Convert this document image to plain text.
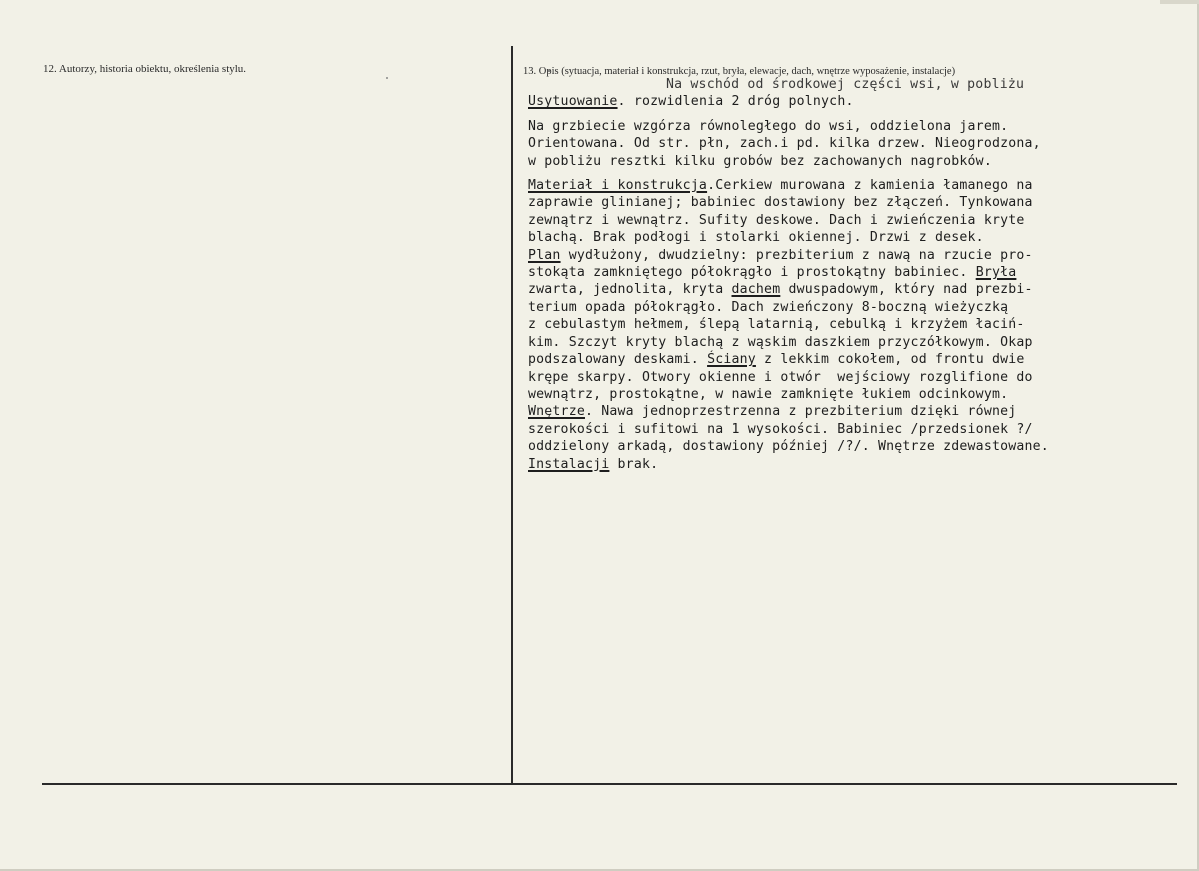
12. Autorzy, historia obiektu, określenia stylu.	13. Opis (sytuacja, materiał i konstrukcja, rzut, bryła, elewacje, dach, wnętrze wyposażenie, instalacje)

Na wschód od środkowej części wsi, w pobliżu

Usytuowanie. rozwidlenia 2 dróg polnych.

Na grzbiecie wzgórza równoległego do wsi, oddzielona jarem.

Orientowana. Od str. płn, zach.i pd. kilka drzew. Nieogrodzona,

w pobliżu resztki kilku grobów bez zachowanych nagrobków.

Materiał i konstrukcja.Cerkiew murowana z kamienia łamanego na

zaprawie glinianej; babiniec dostawiony bez złączeń. Tynkowana

zewnątrz i wewnątrz. Sufity deskowe. Dach i zwieńczenia kryte

blachą. Brak podłogi i stolarki okiennej. Drzwi z desek.

Plan wydłużony, dwudzielny: prezbiterium z nawą na rzucie pro-

stokąta zamkniętego półokrągło i prostokątny babiniec. Bryła

zwarta, jednolita, kryta dachem dwuspadowym, który nad prezbi-

terium opada półokrągło. Dach zwieńczony 8-boczną wieżyczką

z cebulastym hełmem, ślepą latarnią, cebulką i krzyżem łaciń-

kim. Szczyt kryty blachą z wąskim daszkiem przyczółkowym. Okap

podszalowany deskami. Ściany z lekkim cokołem, od frontu dwie

krępe skarpy. Otwory okienne i otwór  wejściowy rozglifione do

wewnątrz, prostokątne, w nawie zamknięte łukiem odcinkowym.

Wnętrze. Nawa jednoprzestrzenna z prezbiterium dzięki równej

szerokości i sufitowi na 1 wysokości. Babiniec /przedsionek ?/

oddzielony arkadą, dostawiony później /?/. Wnętrze zdewastowane.

Instalacji brak.
